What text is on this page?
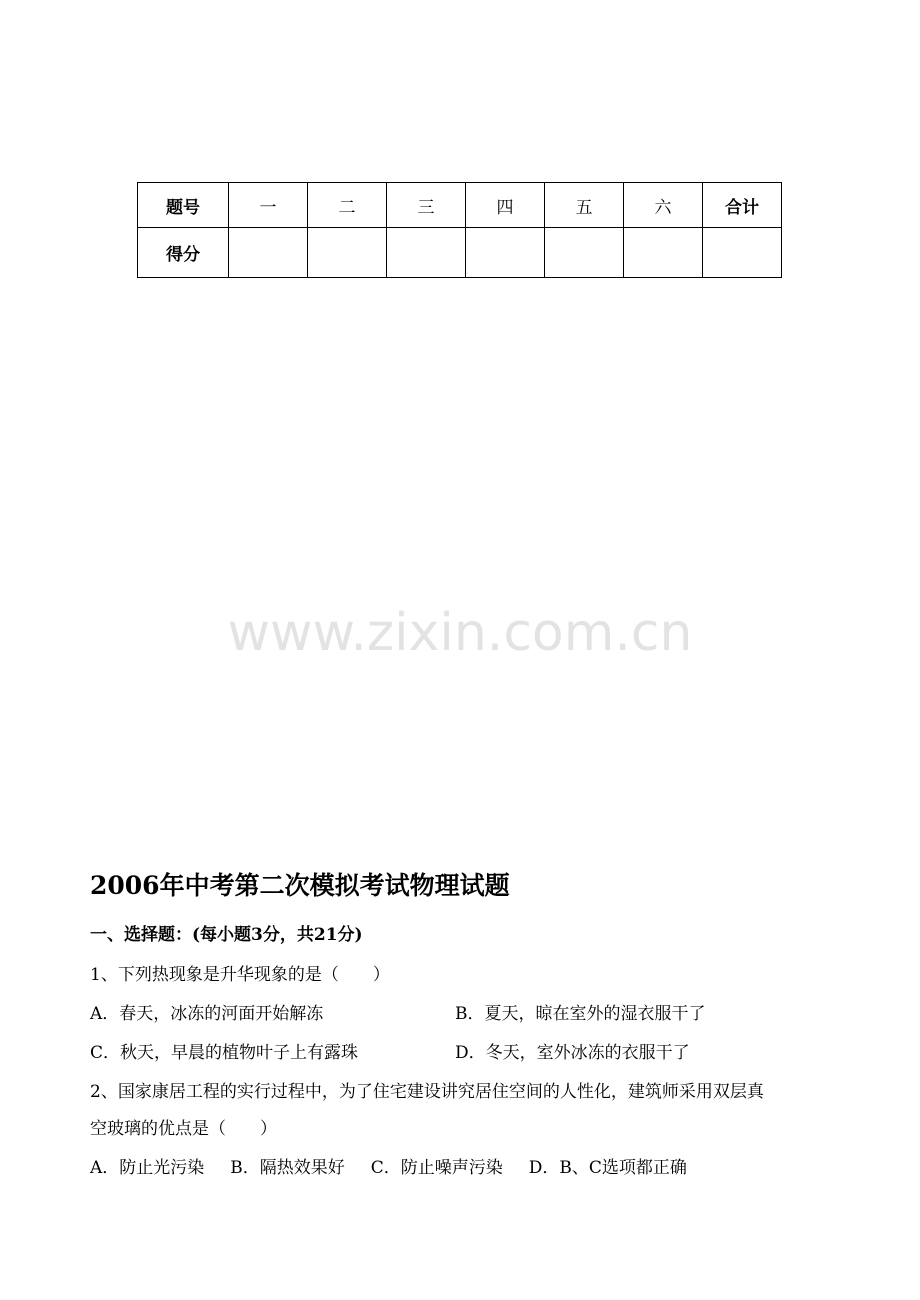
题号	一	二	三	四	五	六	合计
得分							
www.zixin.com.cn
2006年中考第二次模拟考试物理试题
一、选择题：(每小题3分，共21分)
1、下列热现象是升华现象的是（　　）
A．春天，冰冻的河面开始解冻	B．夏天，晾在室外的湿衣服干了
C．秋天，早晨的植物叶子上有露珠	D．冬天，室外冰冻的衣服干了
2、国家康居工程的实行过程中，为了住宅建设讲究居住空间的人性化，建筑师采用双层真
空玻璃的优点是（　　）
A．防止光污染 B．隔热效果好 C．防止噪声污染 D．B、C选项都正确
